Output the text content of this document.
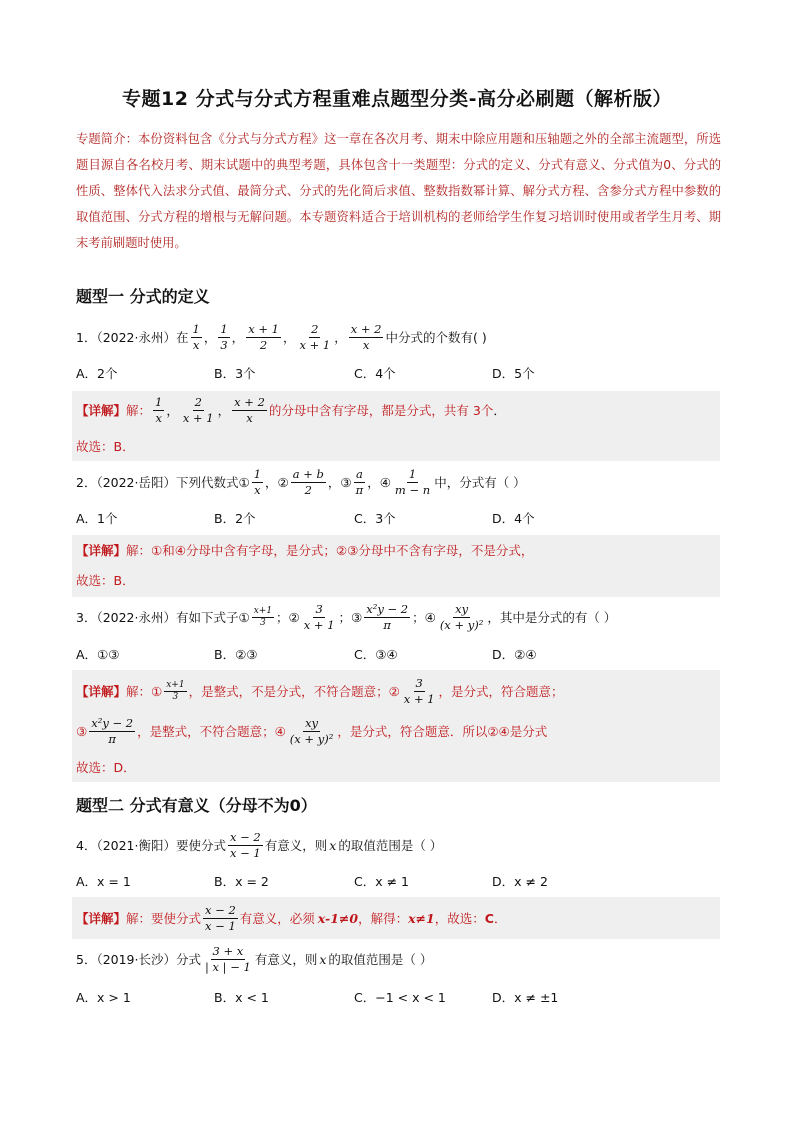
专题12 分式与分式方程重难点题型分类-高分必刷题（解析版）
专题简介：本份资料包含《分式与分式方程》这一章在各次月考、期末中除应用题和压轴题之外的全部主流题型，所选题目源自各名校月考、期末试题中的典型考题，具体包含十一类题型：分式的定义、分式有意义、分式值为0、分式的性质、整体代入法求分式值、最简分式、分式的先化简后求值、整数指数幂计算、解分式方程、含参分式方程中参数的取值范围、分式方程的增根与无解问题。本专题资料适合于培训机构的老师给学生作复习培训时使用或者学生月考、期末考前刷题时使用。
题型一 分式的定义
1．（2022·永州）在 $\frac{1}{x}$ ， $\frac{1}{3}$ ， $\frac{x + 1}{2}$ ， $\frac{2}{x + 1}$ ， $\frac{x + 2}{x}$ 中分式的个数有( )
A．2个	B．3个	C．4个	D．5个
【详解】 解： $\frac{1}{x}$ ， $\frac{2}{x + 1}$ ， $\frac{x + 2}{x}$ 的分母中含有字母，都是分式，共有 3个 ．
故选：B．
2．（2022·岳阳）下列代数式① $\frac{1}{x}$ ，② $\frac{a + b}{2}$ ，③ $\frac{a}{\pi}$ ，④ $\frac{1}{m - n}$ 中，分式有（ ）
A．1个	B．2个	C．3个	D．4个
【详解】 解：①和④分母中含有字母，是分式；②③分母中不含有字母，不是分式，
故选：B．
3．（2022·永州）有如下式子① $\frac{x+1}{3}$ ；② $\frac{3}{x + 1}$ ；③ $\frac{\text{x²y − 2}}{\pi}$ ；④ $\frac{xy}{\text{(x + y)²}}$ ，其中是分式的有（ ）
A．①③	B．②③	C．③④	D．②④
【详解】 解：① $\frac{x+1}{3}$ ，是整式，不是分式，不符合题意；② $\frac{3}{x + 1}$ ，是分式，符合题意；
③ $\frac{\text{x²y − 2}}{\pi}$ ，是整式，不符合题意；④ $\frac{xy}{\text{(x + y)²}}$ ，是分式，符合题意．所以②④是分式
故选：D．
题型二 分式有意义（分母不为0）
4．（2021·衡阳）要使分式 $\frac{x - 2}{x - 1}$ 有意义，则 x 的取值范围是（ ）
A．x = 1	B．x = 2	C．x ≠ 1	D．x ≠ 2
【详解】 解：要使分式 $\frac{x - 2}{x - 1}$ 有意义，必须 x-1≠0 ，解得： x≠1 ，故选： C ．
5．（2019·长沙）分式 $\frac{3 + x}{| x | - 1}$ 有意义，则 x 的取值范围是（ ）
A．x > 1	B．x < 1	C．−1 < x < 1	D．x ≠ ±1
